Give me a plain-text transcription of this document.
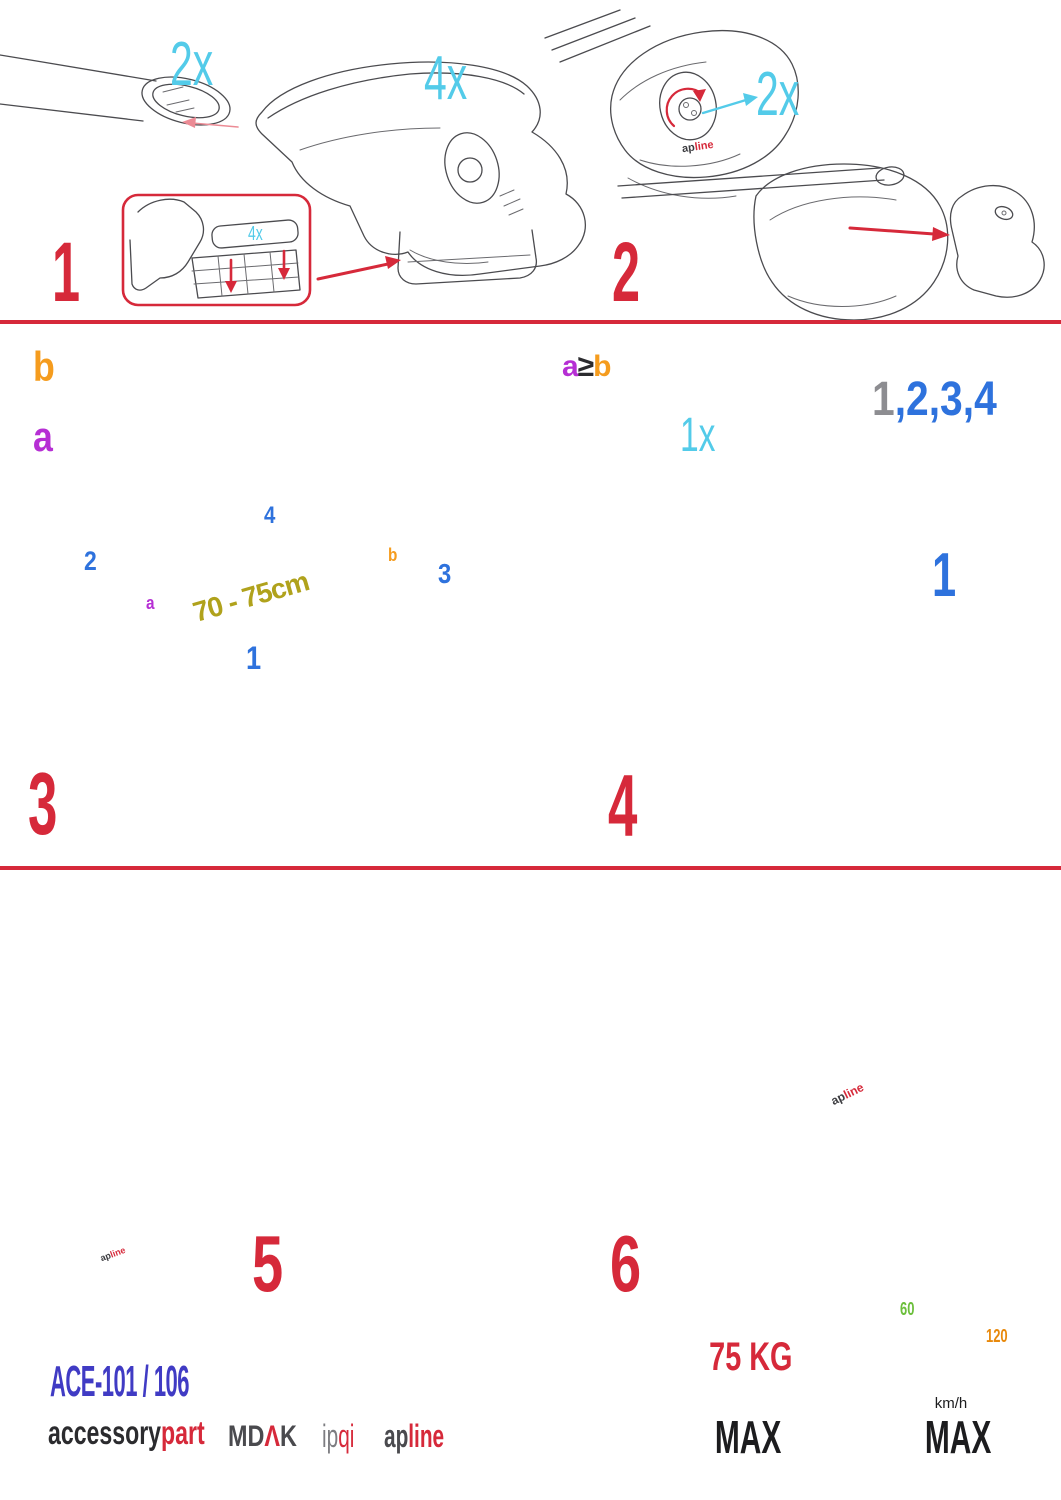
2x	4x
4x
1
2x
2
apline
b
a
2
4
3
1
a
b
70 - 75cm
3
a≥b
1,2,3,4
1x
1
4
5
apline	6
apline
ACE-101 / 106
accessorypart MDΛK ipqi apline
75 KG
MAX
60
120
km/h
MAX
